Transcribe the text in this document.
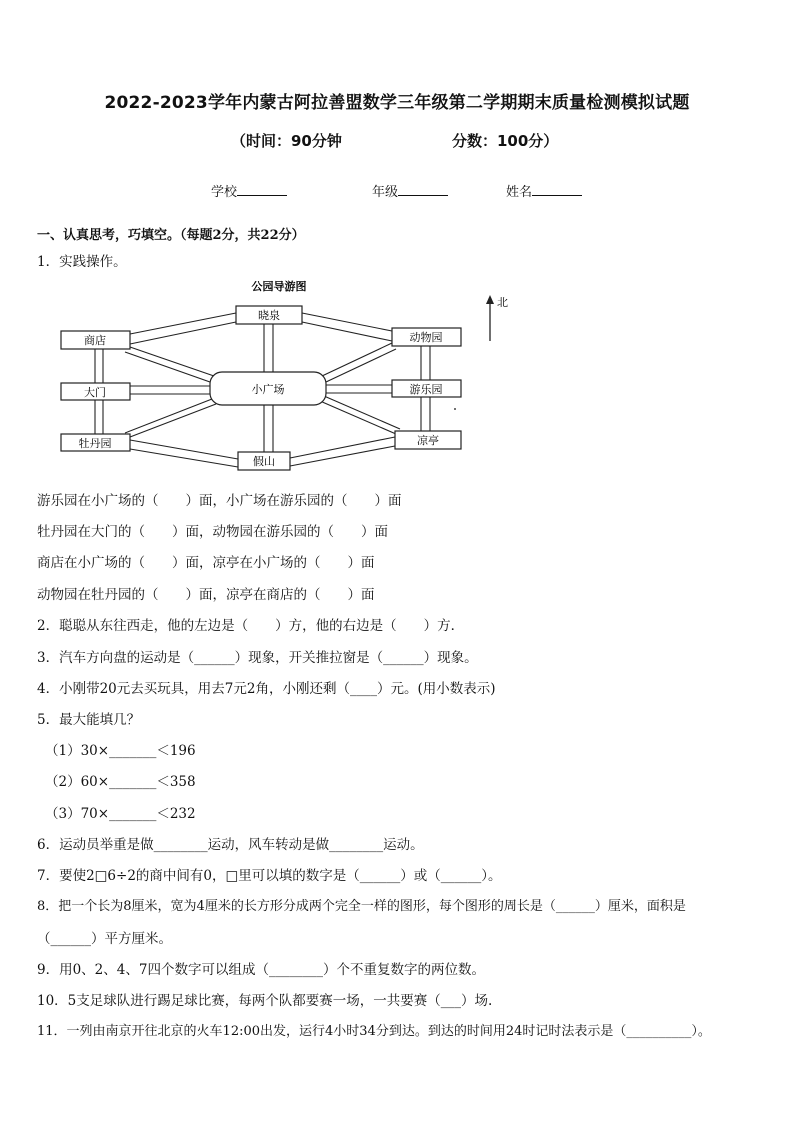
2022-2023学年内蒙古阿拉善盟数学三年级第二学期期末质量检测模拟试题
（时间：90分钟	分数：100分）
学校	年级	姓名
一、认真思考，巧填空。（每题2分，共22分）
1．实践操作。
公园导游图
晓泉
商店
大门
牡丹园
假山
动物园
游乐园
凉亭
小广场
北
游乐园在小广场的（　　）面，小广场在游乐园的（　　）面
牡丹园在大门的（　　）面，动物园在游乐园的（　　）面
商店在小广场的（　　）面，凉亭在小广场的（　　）面
动物园在牡丹园的（　　）面，凉亭在商店的（　　）面
2．聪聪从东往西走，他的左边是（　　）方，他的右边是（　　）方．
3．汽车方向盘的运动是（______）现象，开关推拉窗是（______）现象。
4．小刚带20元去买玩具，用去7元2角，小刚还剩（____）元。(用小数表示)
5．最大能填几？
（1）30×_______＜196
（2）60×_______＜358
（3）70×_______＜232
6．运动员举重是做________运动，风车转动是做________运动。
7．要使2□6÷2的商中间有0，□里可以填的数字是（______）或（______）。
8．把一个长为8厘米，宽为4厘米的长方形分成两个完全一样的图形，每个图形的周长是（______）厘米，面积是
（______）平方厘米。
9．用0、2、4、7四个数字可以组成（________）个不重复数字的两位数。
10．5支足球队进行踢足球比赛，每两个队都要赛一场，一共要赛（___）场.
11．一列由南京开往北京的火车12:00出发，运行4小时34分到达。到达的时间用24时记时法表示是（__________）。
